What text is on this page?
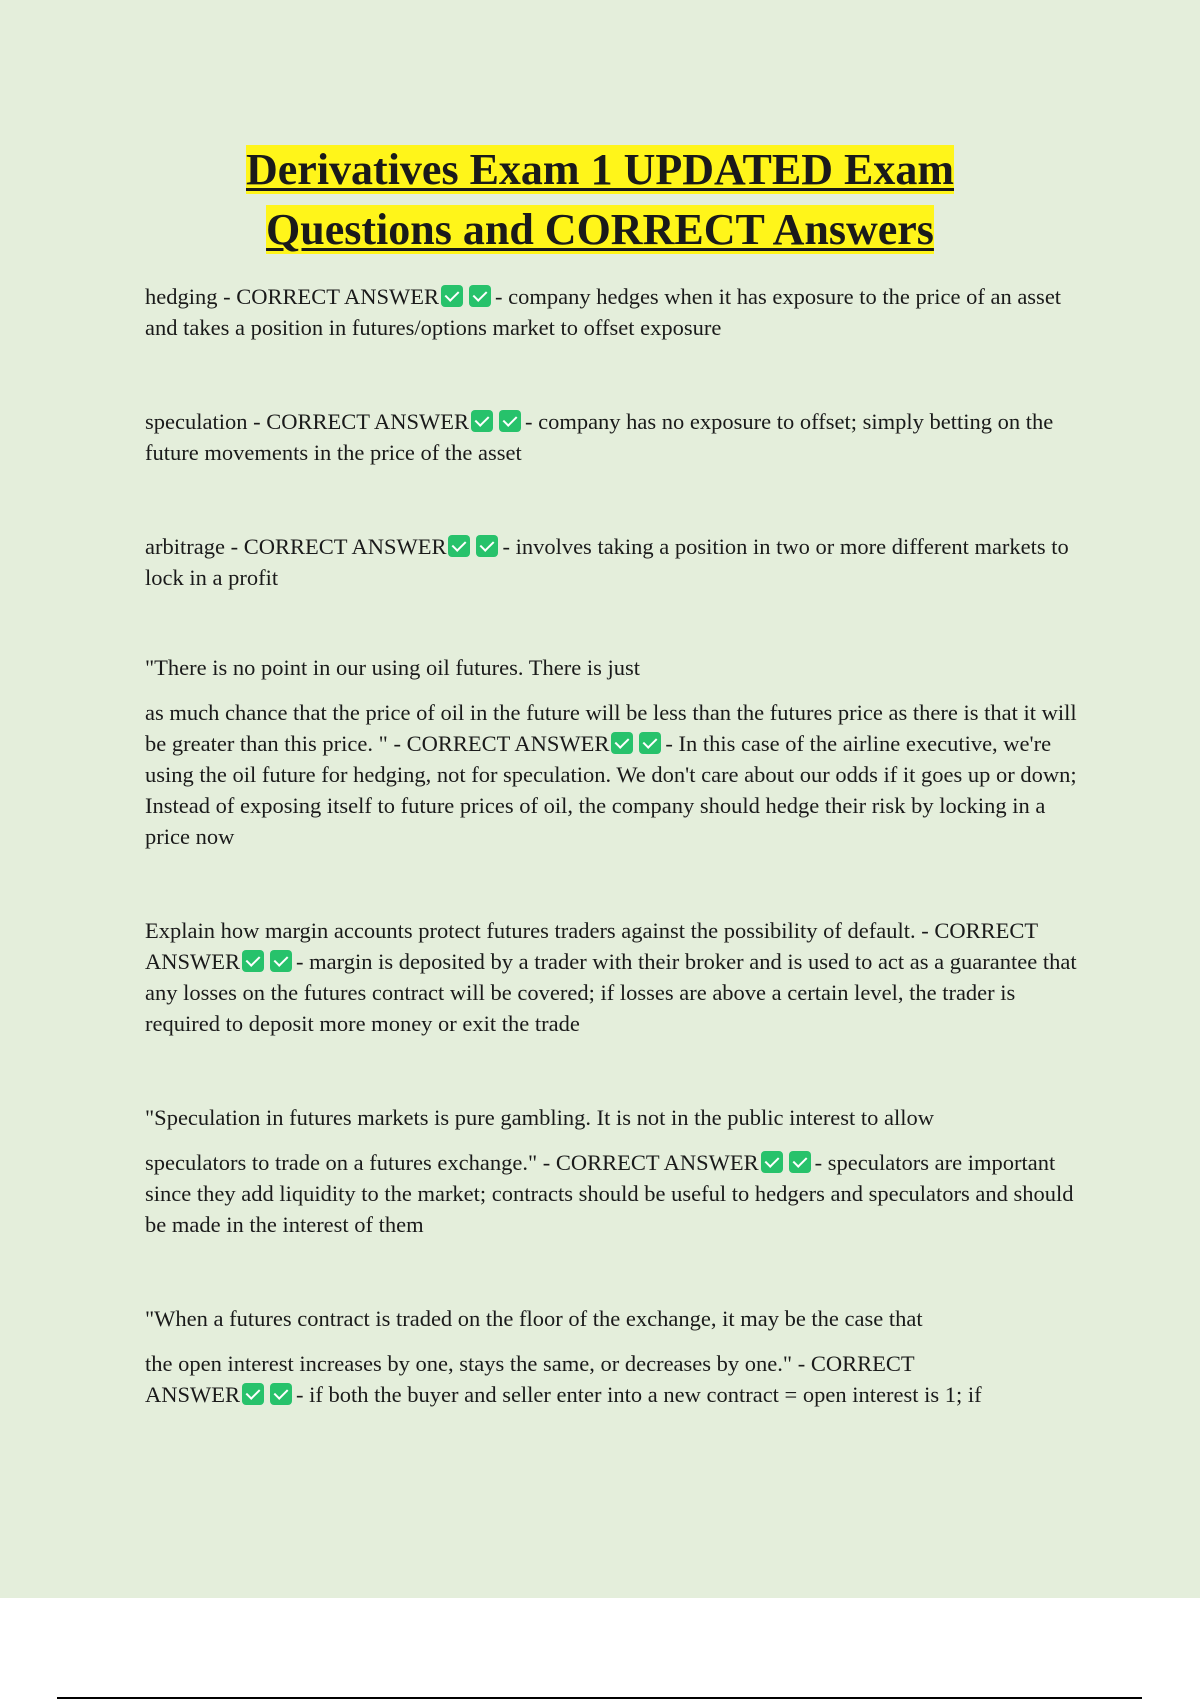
Derivatives Exam 1 UPDATED Exam
Questions and CORRECT Answers

hedging - CORRECT ANSWER - company hedges when it has exposure to the price of an asset and takes a position in futures/options market to offset exposure

speculation - CORRECT ANSWER - company has no exposure to offset; simply betting on the future movements in the price of the asset

arbitrage - CORRECT ANSWER - involves taking a position in two or more different markets to lock in a profit

"There is no point in our using oil futures. There is just

as much chance that the price of oil in the future will be less than the futures price as there is that it will be greater than this price. " - CORRECT ANSWER - In this case of the airline executive, we're using the oil future for hedging, not for speculation. We don't care about our odds if it goes up or down; Instead of exposing itself to future prices of oil, the company should hedge their risk by locking in a price now

Explain how margin accounts protect futures traders against the possibility of default. - CORRECT ANSWER - margin is deposited by a trader with their broker and is used to act as a guarantee that any losses on the futures contract will be covered; if losses are above a certain level, the trader is required to deposit more money or exit the trade

"Speculation in futures markets is pure gambling. It is not in the public interest to allow

speculators to trade on a futures exchange." - CORRECT ANSWER - speculators are important since they add liquidity to the market; contracts should be useful to hedgers and speculators and should be made in the interest of them

"When a futures contract is traded on the floor of the exchange, it may be the case that

the open interest increases by one, stays the same, or decreases by one." - CORRECT
ANSWER - if both the buyer and seller enter into a new contract = open interest is 1; if
